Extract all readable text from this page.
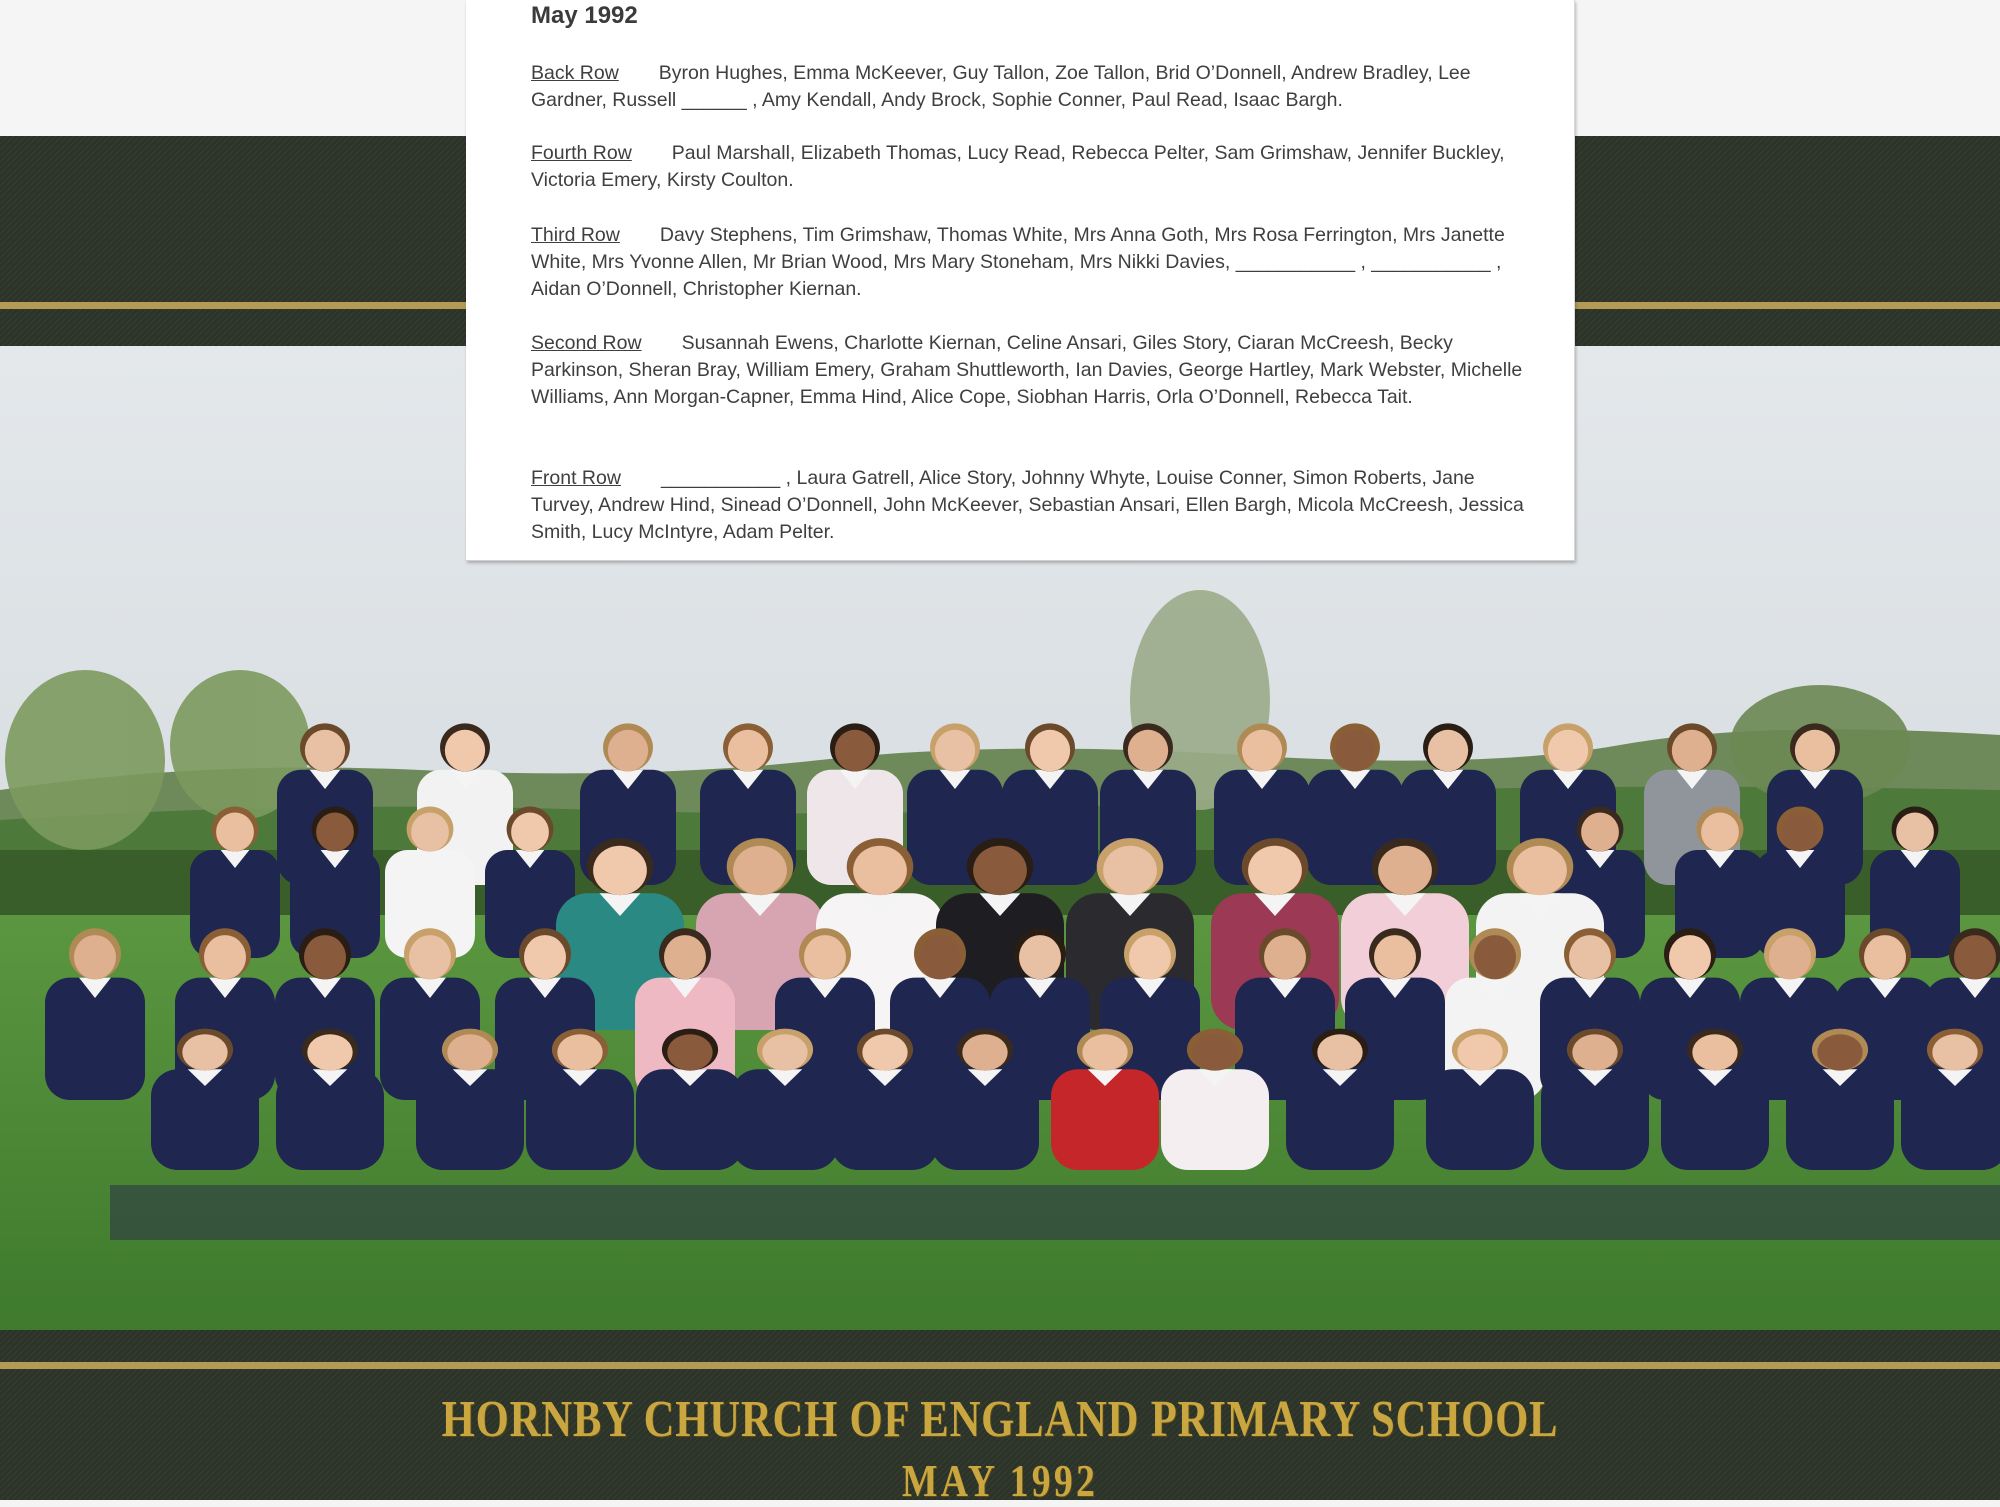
May 1992
Back Row Byron Hughes, Emma McKeever, Guy Tallon, Zoe Tallon, Brid O’Donnell, Andrew Bradley, Lee Gardner, Russell ______ , Amy Kendall, Andy Brock, Sophie Conner, Paul Read, Isaac Bargh.
Fourth Row Paul Marshall, Elizabeth Thomas, Lucy Read, Rebecca Pelter, Sam Grimshaw, Jennifer Buckley, Victoria Emery, Kirsty Coulton.
Third Row Davy Stephens, Tim Grimshaw, Thomas White, Mrs Anna Goth, Mrs Rosa Ferrington, Mrs Janette White, Mrs Yvonne Allen, Mr Brian Wood, Mrs Mary Stoneham, Mrs Nikki Davies, ___________ , ___________ , Aidan O’Donnell, Christopher Kiernan.
Second Row Susannah Ewens, Charlotte Kiernan, Celine Ansari, Giles Story, Ciaran McCreesh, Becky Parkinson, Sheran Bray, William Emery, Graham Shuttleworth, Ian Davies, George Hartley, Mark Webster, Michelle Williams, Ann Morgan-Capner, Emma Hind, Alice Cope, Siobhan Harris, Orla O’Donnell, Rebecca Tait.
Front Row ___________ , Laura Gatrell, Alice Story, Johnny Whyte, Louise Conner, Simon Roberts, Jane Turvey, Andrew Hind, Sinead O’Donnell, John McKeever, Sebastian Ansari, Ellen Bargh, Micola McCreesh, Jessica Smith, Lucy McIntyre, Adam Pelter.
HORNBY CHURCH OF ENGLAND PRIMARY SCHOOL
MAY 1992
